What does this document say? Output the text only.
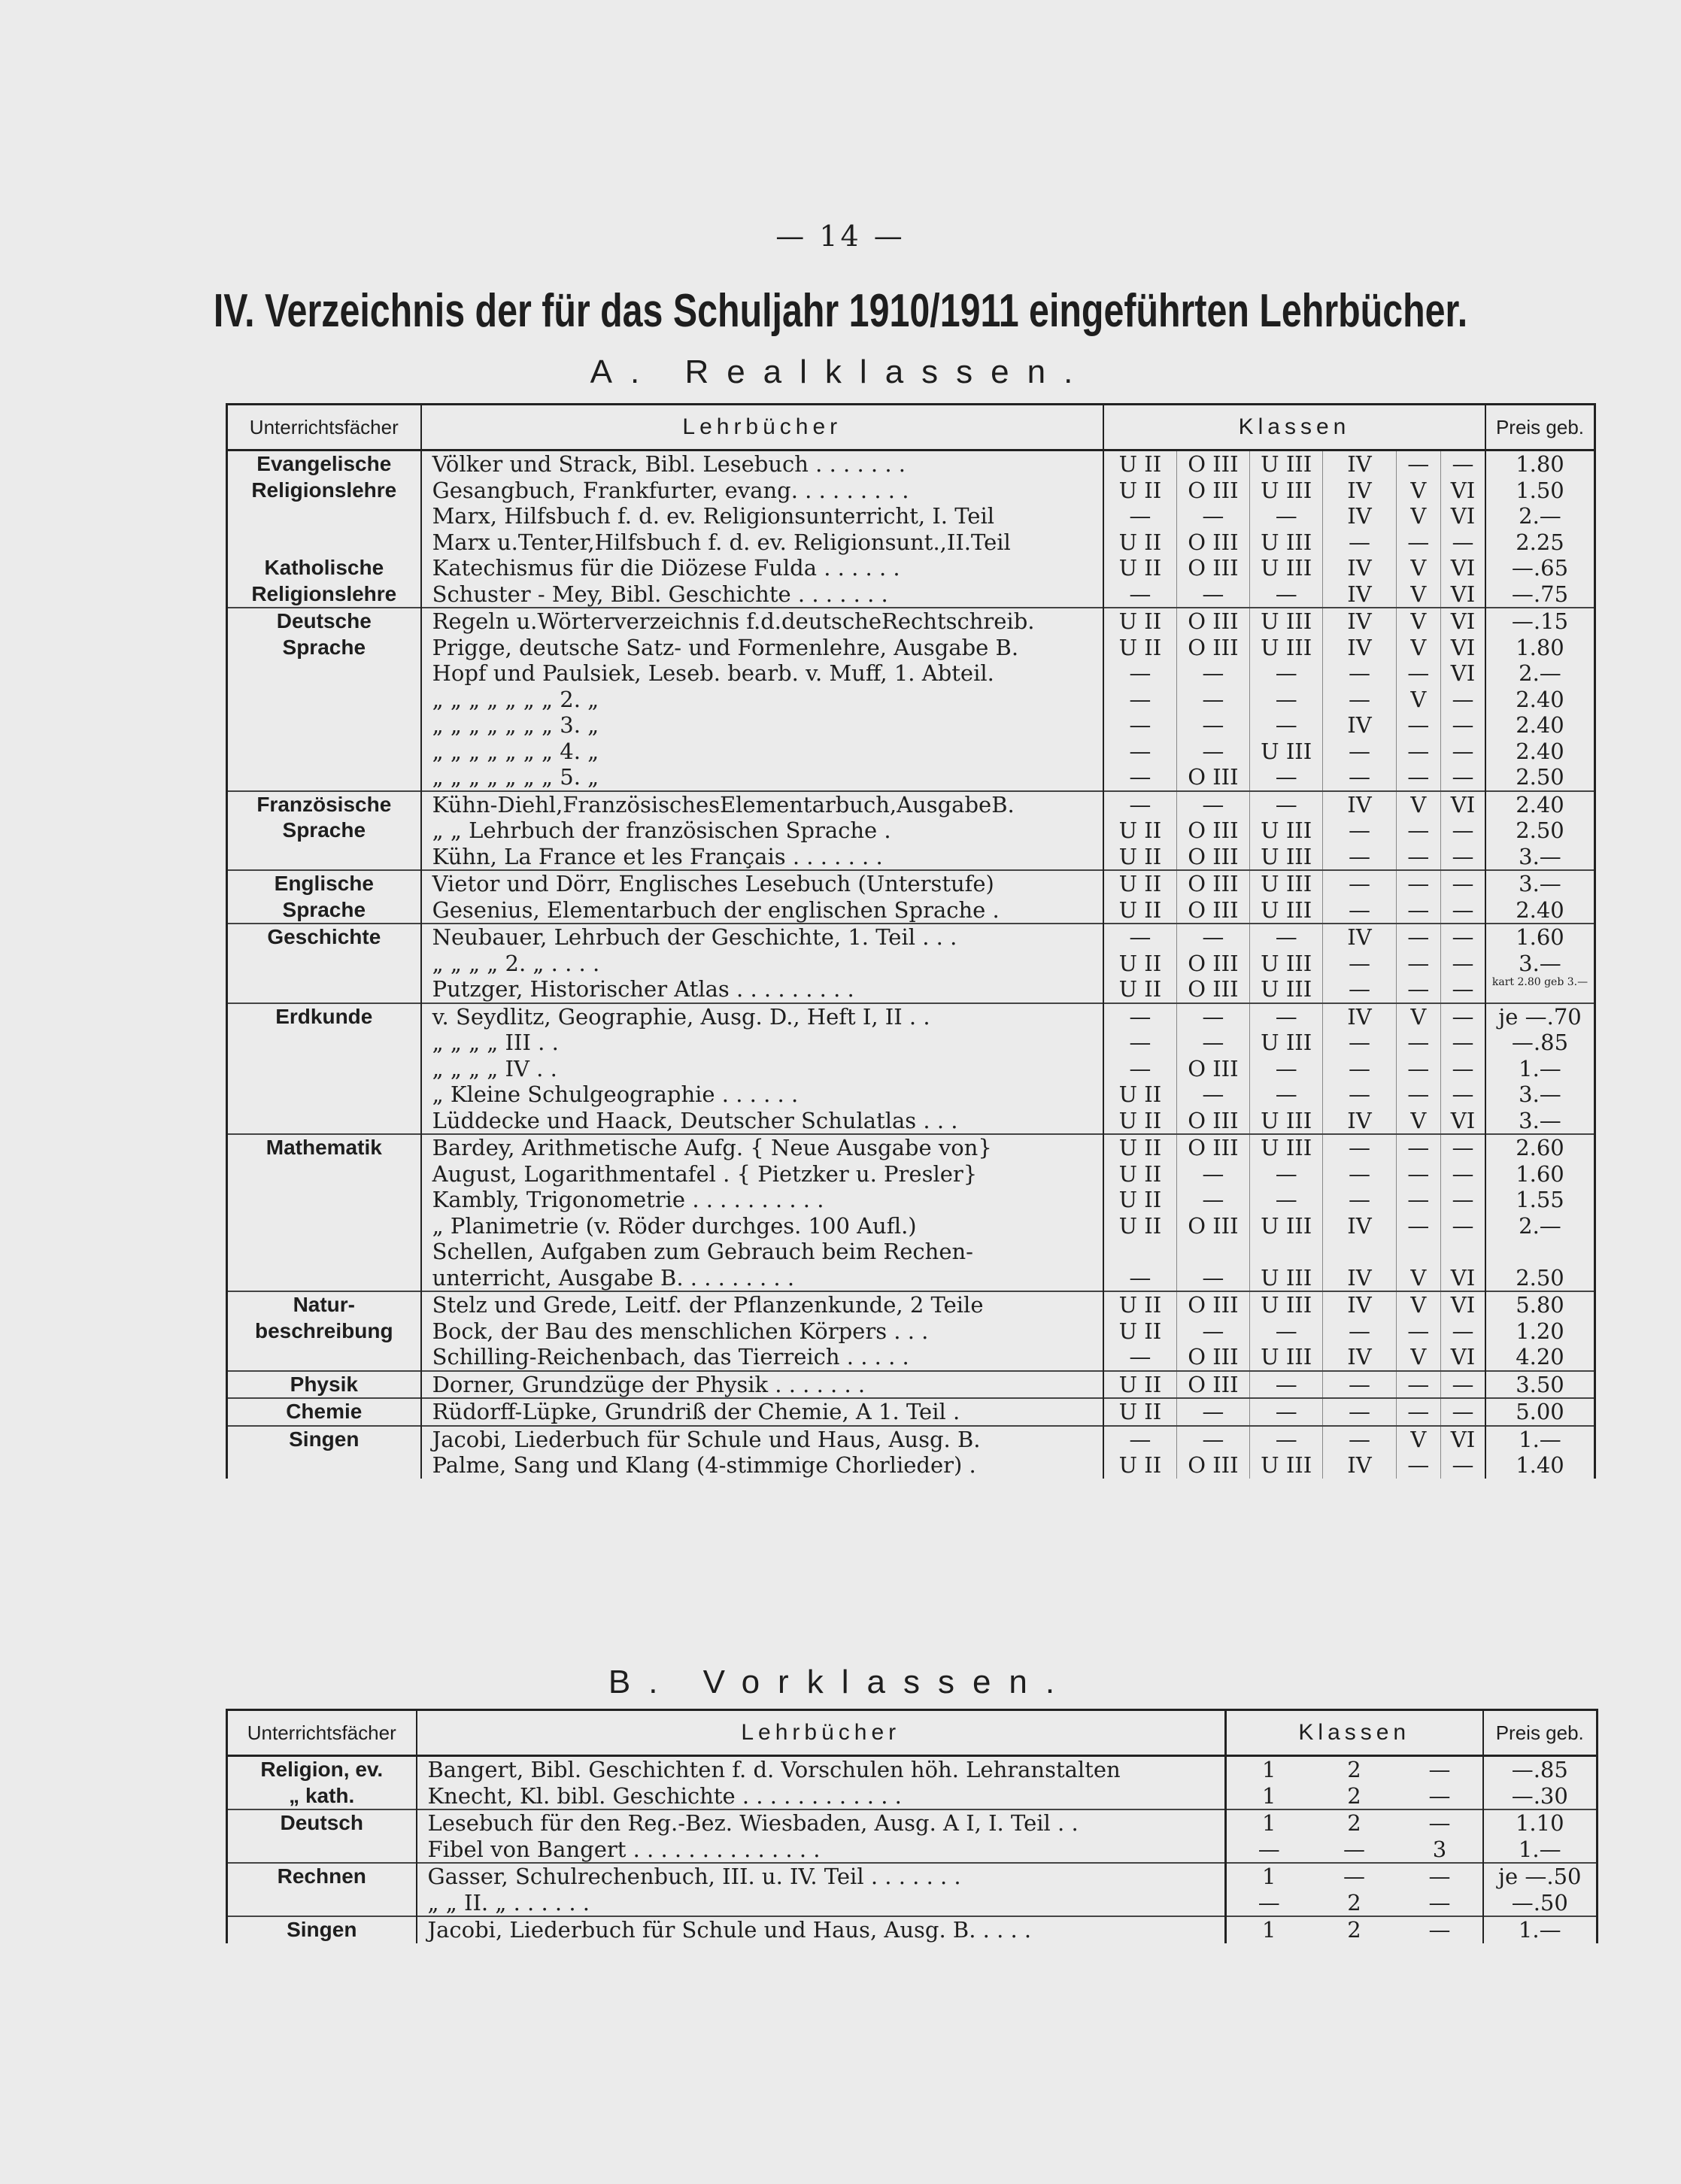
— 14 —
IV. Verzeichnis der für das Schuljahr 1910/1911 eingeführten Lehrbücher.
A. Realklassen.
Unterrichtsfächer	Lehrbücher	Klassen						Preis geb.
Evangelische	Völker und Strack, Bibl. Lesebuch . . . . . . .	U II	O III	U III	IV	—	—	1.80
Religionslehre	Gesangbuch, Frankfurter, evang. . . . . . . . .	U II	O III	U III	IV	V	VI	1.50
	Marx, Hilfsbuch f. d. ev. Religionsunterricht, I. Teil	—	—	—	IV	V	VI	2.—
	Marx u.Tenter,Hilfsbuch f. d. ev. Religionsunt.,II.Teil	U II	O III	U III	—	—	—	2.25
Katholische	Katechismus für die Diözese Fulda . . . . . .	U II	O III	U III	IV	V	VI	—.65
Religionslehre	Schuster - Mey, Bibl. Geschichte . . . . . . .	—	—	—	IV	V	VI	—.75
Deutsche	Regeln u.Wörterverzeichnis f.d.deutscheRechtschreib.	U II	O III	U III	IV	V	VI	—.15
Sprache	Prigge, deutsche Satz- und Formenlehre, Ausgabe B.	U II	O III	U III	IV	V	VI	1.80
	Hopf und Paulsiek, Leseb. bearb. v. Muff, 1. Abteil.	—	—	—	—	—	VI	2.—
	„ „ „ „ „ „ „ 2. „	—	—	—	—	V	—	2.40
	„ „ „ „ „ „ „ 3. „	—	—	—	IV	—	—	2.40
	„ „ „ „ „ „ „ 4. „	—	—	U III	—	—	—	2.40
	„ „ „ „ „ „ „ 5. „	—	O III	—	—	—	—	2.50
Französische	Kühn-Diehl,FranzösischesElementarbuch,AusgabeB.	—	—	—	IV	V	VI	2.40
Sprache	„ „ Lehrbuch der französischen Sprache .	U II	O III	U III	—	—	—	2.50
	Kühn, La France et les Français . . . . . . .	U II	O III	U III	—	—	—	3.—
Englische	Vietor und Dörr, Englisches Lesebuch (Unterstufe)	U II	O III	U III	—	—	—	3.—
Sprache	Gesenius, Elementarbuch der englischen Sprache .	U II	O III	U III	—	—	—	2.40
Geschichte	Neubauer, Lehrbuch der Geschichte, 1. Teil . . .	—	—	—	IV	—	—	1.60
	„ „ „ „ 2. „ . . . .	U II	O III	U III	—	—	—	3.—
	Putzger, Historischer Atlas . . . . . . . . .	U II	O III	U III	—	—	—	kart 2.80 geb 3.—
Erdkunde	v. Seydlitz, Geographie, Ausg. D., Heft I, II . .	—	—	—	IV	V	—	je —.70
	„ „ „ „ III . .	—	—	U III	—	—	—	—.85
	„ „ „ „ IV . .	—	O III	—	—	—	—	1.—
	„ Kleine Schulgeographie . . . . . .	U II	—	—	—	—	—	3.—
	Lüddecke und Haack, Deutscher Schulatlas . . .	U II	O III	U III	IV	V	VI	3.—
Mathematik	Bardey, Arithmetische Aufg. { Neue Ausgabe von}	U II	O III	U III	—	—	—	2.60
	August, Logarithmentafel . { Pietzker u. Presler}	U II	—	—	—	—	—	1.60
	Kambly, Trigonometrie . . . . . . . . . .	U II	—	—	—	—	—	1.55
	„ Planimetrie (v. Röder durchges. 100 Aufl.)	U II	O III	U III	IV	—	—	2.—
	Schellen, Aufgaben zum Gebrauch beim Rechen-							
	unterricht, Ausgabe B. . . . . . . . .	—	—	U III	IV	V	VI	2.50
Natur-	Stelz und Grede, Leitf. der Pflanzenkunde, 2 Teile	U II	O III	U III	IV	V	VI	5.80
beschreibung	Bock, der Bau des menschlichen Körpers . . .	U II	—	—	—	—	—	1.20
	Schilling-Reichenbach, das Tierreich . . . . .	—	O III	U III	IV	V	VI	4.20
Physik	Dorner, Grundzüge der Physik . . . . . . .	U II	O III	—	—	—	—	3.50
Chemie	Rüdorff-Lüpke, Grundriß der Chemie, A 1. Teil .	U II	—	—	—	—	—	5.00
Singen	Jacobi, Liederbuch für Schule und Haus, Ausg. B.	—	—	—	—	V	VI	1.—
	Palme, Sang und Klang (4-stimmige Chorlieder) .	U II	O III	U III	IV	—	—	1.40
B. Vorklassen.
Unterrichtsfächer	Lehrbücher	Klassen			Preis geb.
Religion, ev.	Bangert, Bibl. Geschichten f. d. Vorschulen höh. Lehranstalten	1	2	—	—.85
„ kath.	Knecht, Kl. bibl. Geschichte . . . . . . . . . . . .	1	2	—	—.30
Deutsch	Lesebuch für den Reg.-Bez. Wiesbaden, Ausg. A I, I. Teil . .	1	2	—	1.10
	Fibel von Bangert . . . . . . . . . . . . . .	—	—	3	1.—
Rechnen	Gasser, Schulrechenbuch, III. u. IV. Teil . . . . . . .	1	—	—	je —.50
	„ „ II. „ . . . . . .	—	2	—	—.50
Singen	Jacobi, Liederbuch für Schule und Haus, Ausg. B. . . . .	1	2	—	1.—
